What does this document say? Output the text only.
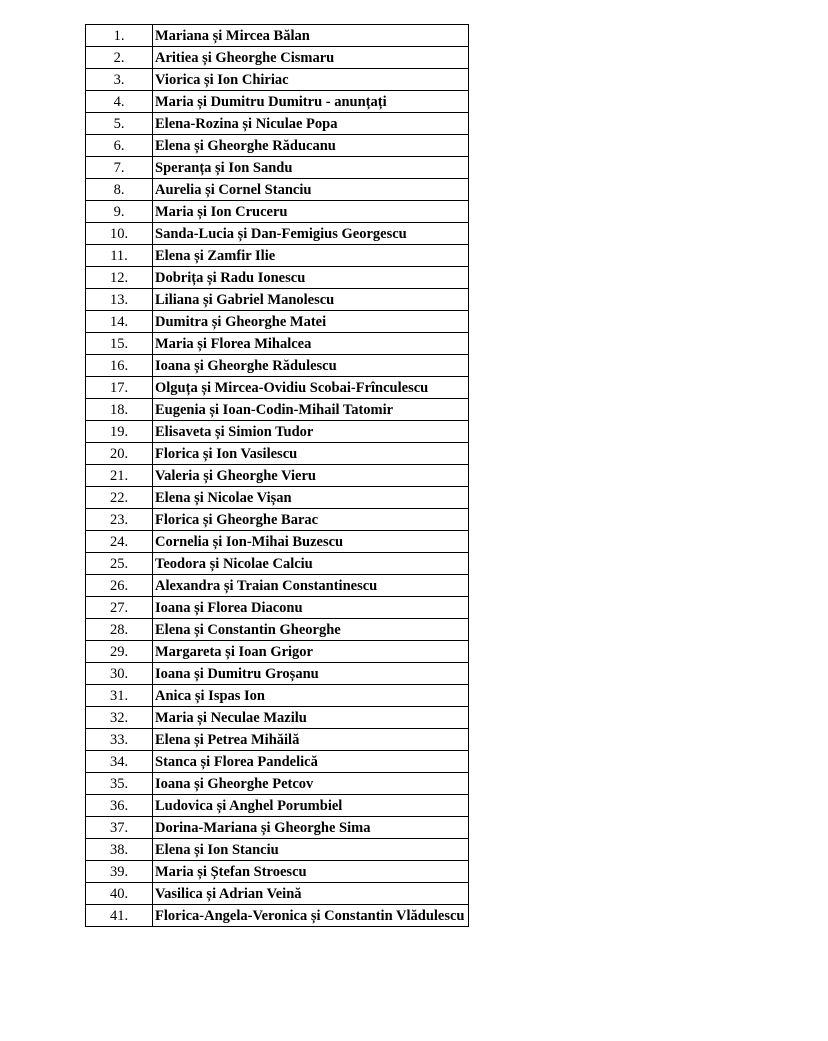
1.	Mariana și Mircea Bălan
2.	Aritiea și Gheorghe Cismaru
3.	Viorica și Ion Chiriac
4.	Maria și Dumitru Dumitru - anunțați
5.	Elena-Rozina și Niculae Popa
6.	Elena și Gheorghe Răducanu
7.	Speranța și Ion Sandu
8.	Aurelia și Cornel Stanciu
9.	Maria și Ion Cruceru
10.	Sanda-Lucia și Dan-Femigius Georgescu
11.	Elena și Zamfir Ilie
12.	Dobrița și Radu Ionescu
13.	Liliana și Gabriel Manolescu
14.	Dumitra și Gheorghe Matei
15.	Maria și Florea Mihalcea
16.	Ioana și Gheorghe Rădulescu
17.	Olguța și Mircea-Ovidiu Scobai-Frînculescu
18.	Eugenia și Ioan-Codin-Mihail Tatomir
19.	Elisaveta și Simion Tudor
20.	Florica și Ion Vasilescu
21.	Valeria și Gheorghe Vieru
22.	Elena și Nicolae Vișan
23.	Florica și Gheorghe Barac
24.	Cornelia și Ion-Mihai Buzescu
25.	Teodora și Nicolae Calciu
26.	Alexandra și Traian Constantinescu
27.	Ioana și Florea Diaconu
28.	Elena și Constantin Gheorghe
29.	Margareta și Ioan Grigor
30.	Ioana și Dumitru Groșanu
31.	Anica și Ispas Ion
32.	Maria și Neculae Mazilu
33.	Elena și Petrea Mihăilă
34.	Stanca și Florea Pandelică
35.	Ioana și Gheorghe Petcov
36.	Ludovica și Anghel Porumbiel
37.	Dorina-Mariana și Gheorghe Sima
38.	Elena și Ion Stanciu
39.	Maria și Ștefan Stroescu
40.	Vasilica și Adrian Veină
41.	Florica-Angela-Veronica și Constantin Vlădulescu
